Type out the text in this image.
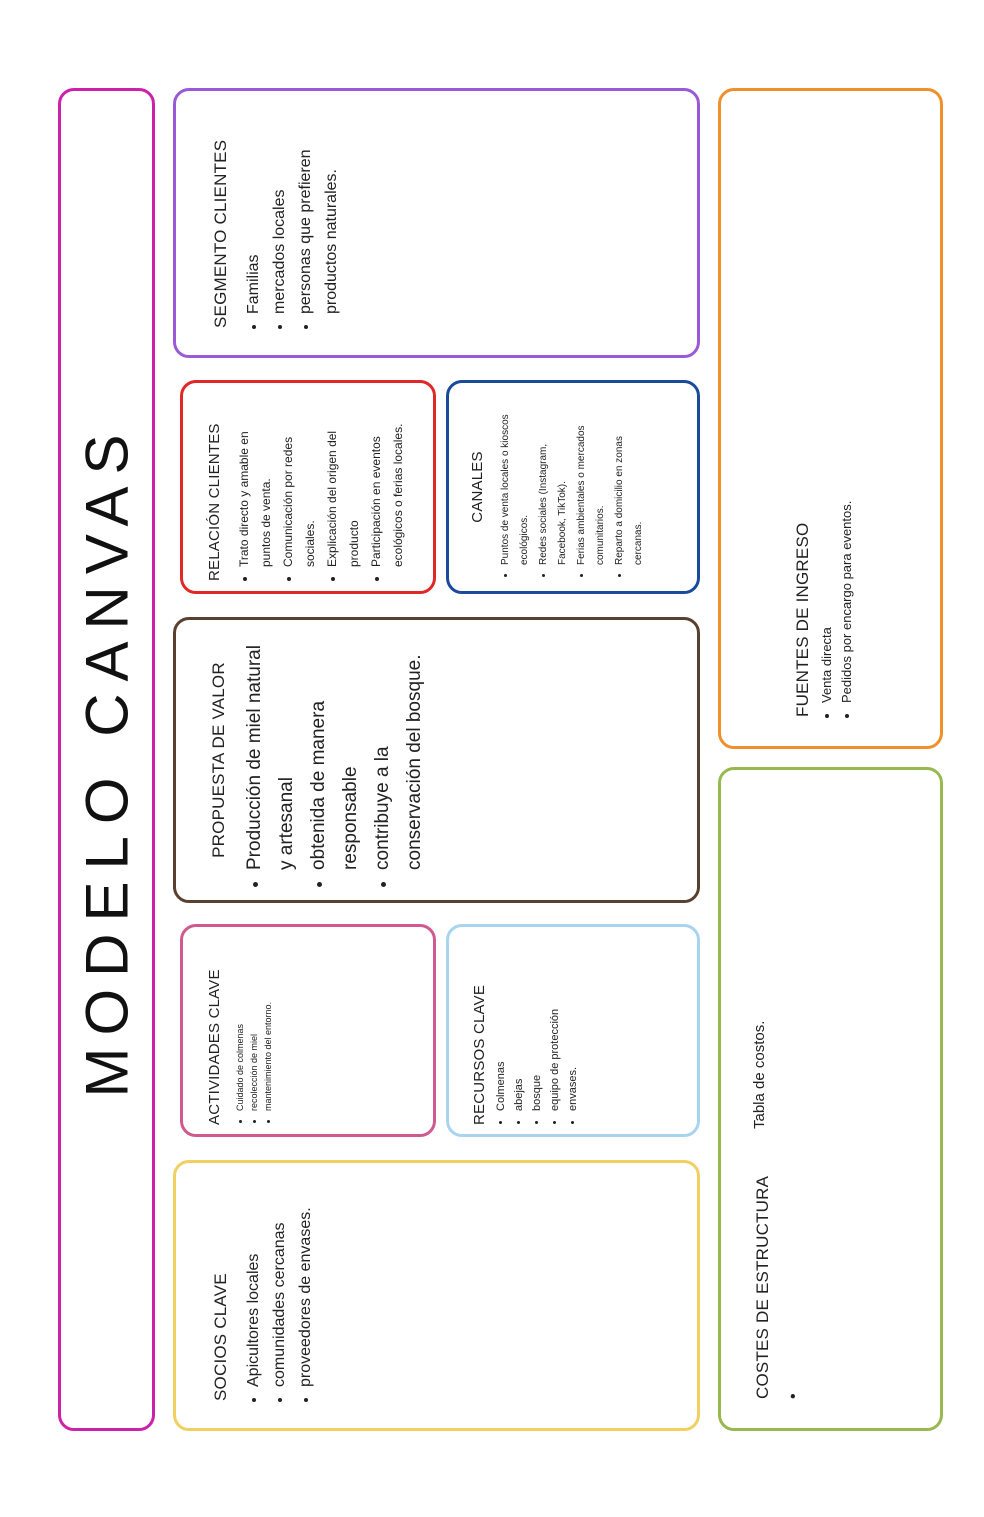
MODELO CANVAS
SEGMENTO CLIENTES • Familias • mercados locales • personas que prefieren productos naturales.
RELACIÓN CLIENTES	• Trato directo y amable en puntos de venta. • Comunicación por redes sociales. • Explicación del origen del producto • Participación en eventos ecológicos o ferias locales.	CANALES	• Puntos de venta locales o kioscos ecológicos. • Redes sociales (Instagram, Facebook, TikTok). • Ferias ambientales o mercados comunitarios. • Reparto a domicilio en zonas cercanas.
PROPUESTA DE VALOR • Producción de miel natural y artesanal • obtenida de manera responsable • contribuye a la conservación del bosque.
ACTIVIDADES CLAVE • Cuidado de colmenas • recolección de miel • mantenimiento del entorno.	RECURSOS CLAVE • Colmenas • abejas • bosque • equipo de protección • envases.
SOCIOS CLAVE • Apicultores locales • comunidades cercanas • proveedores de envases.
FUENTES DE INGRESO • Venta directa • Pedidos por encargo para eventos.
COSTES DE ESTRUCTURA •
Tabla de costos.
